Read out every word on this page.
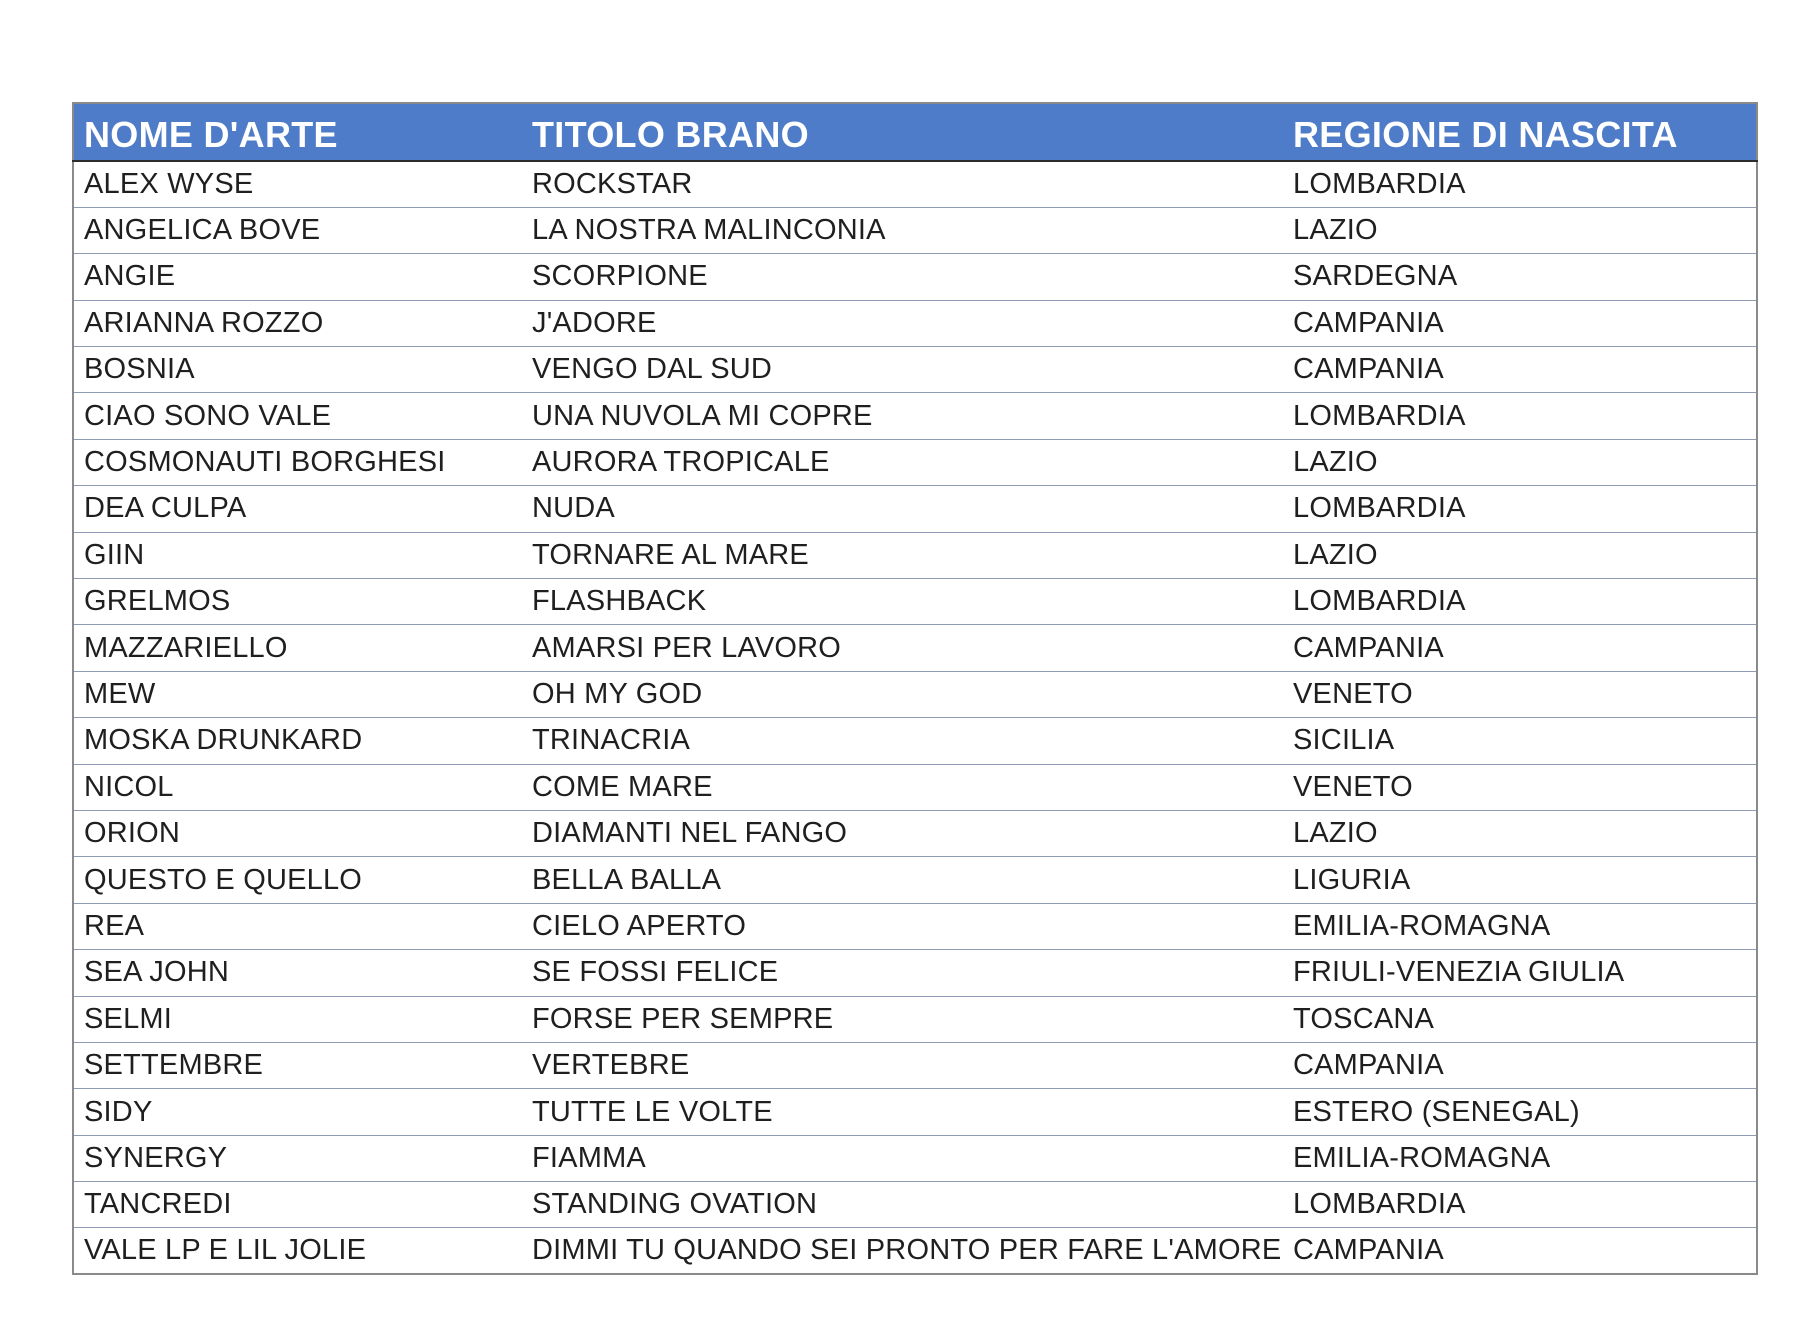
NOME D'ARTE	TITOLO BRANO	REGIONE DI NASCITA
ALEX WYSE	ROCKSTAR	LOMBARDIA
ANGELICA BOVE	LA NOSTRA MALINCONIA	LAZIO
ANGIE	SCORPIONE	SARDEGNA
ARIANNA ROZZO	J'ADORE	CAMPANIA
BOSNIA	VENGO DAL SUD	CAMPANIA
CIAO SONO VALE	UNA NUVOLA MI COPRE	LOMBARDIA
COSMONAUTI BORGHESI	AURORA TROPICALE	LAZIO
DEA CULPA	NUDA	LOMBARDIA
GIIN	TORNARE AL MARE	LAZIO
GRELMOS	FLASHBACK	LOMBARDIA
MAZZARIELLO	AMARSI PER LAVORO	CAMPANIA
MEW	OH MY GOD	VENETO
MOSKA DRUNKARD	TRINACRIA	SICILIA
NICOL	COME MARE	VENETO
ORION	DIAMANTI NEL FANGO	LAZIO
QUESTO E QUELLO	BELLA BALLA	LIGURIA
REA	CIELO APERTO	EMILIA-ROMAGNA
SEA JOHN	SE FOSSI FELICE	FRIULI-VENEZIA GIULIA
SELMI	FORSE PER SEMPRE	TOSCANA
SETTEMBRE	VERTEBRE	CAMPANIA
SIDY	TUTTE LE VOLTE	ESTERO (SENEGAL)
SYNERGY	FIAMMA	EMILIA-ROMAGNA
TANCREDI	STANDING OVATION	LOMBARDIA
VALE LP E LIL JOLIE	DIMMI TU QUANDO SEI PRONTO PER FARE L'AMORE	CAMPANIA
